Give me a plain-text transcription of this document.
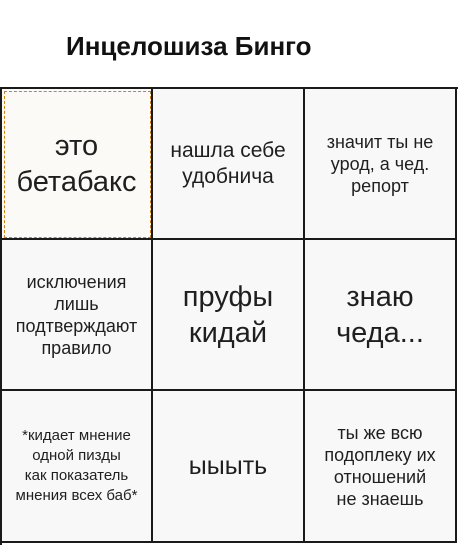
Инцелошиза Бинго
это
бетабакс
нашла себе
удобнича
значит ты не
урод, а чед.
репорт
исключения
лишь
подтверждают
правило
пруфы
кидай
знаю
чеда...
*кидает мнение
одной пизды
как показатель
мнения всех баб*
ыыыть
ты же всю
подоплеку их
отношений
не знаешь
